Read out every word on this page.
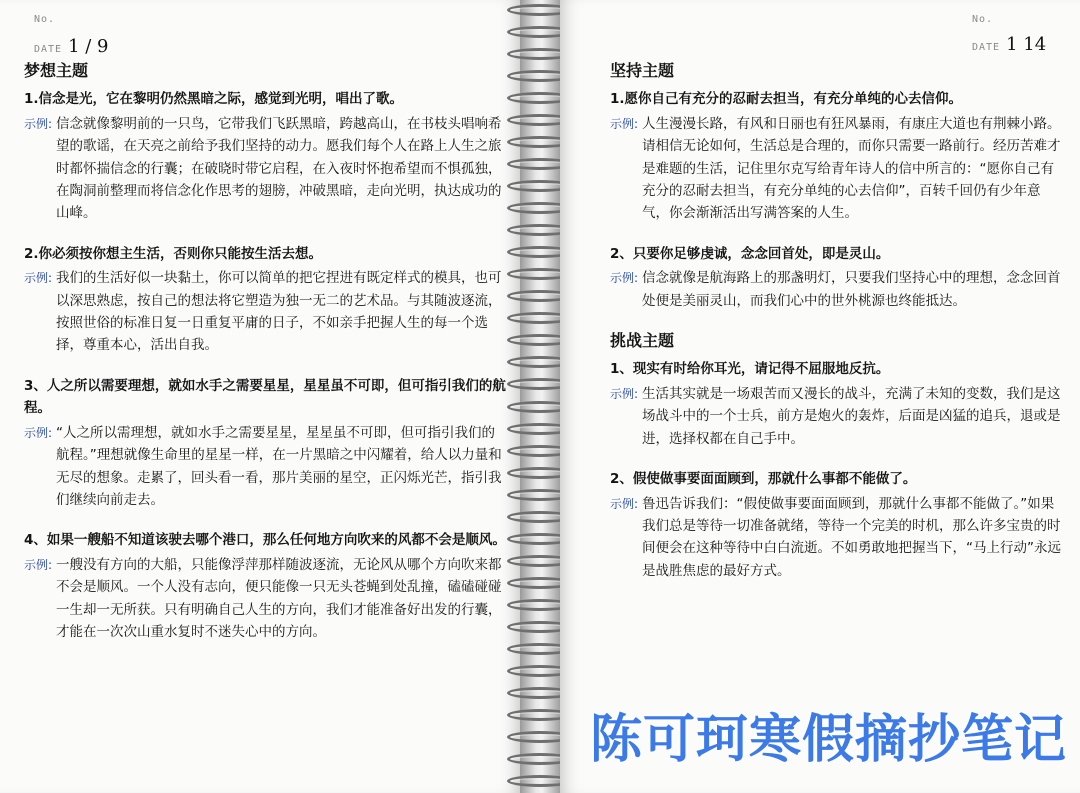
No.
DATE 1 / 9
梦想主题

1.信念是光，它在黎明仍然黑暗之际，感觉到光明，唱出了歌。

示例: 信念就像黎明前的一只鸟，它带我们飞跃黑暗，跨越高山，在书枝头唱响希望的歌谣，在天亮之前给予我们坚持的动力。愿我们每个人在路上人生之旅时都怀揣信念的行囊；在破晓时带它启程，在入夜时怀抱希望而不惧孤独，在陶洞前整理而将信念化作思考的翅膀，冲破黑暗，走向光明，执达成功的山峰。

2.你必须按你想主生活，否则你只能按生活去想。

示例: 我们的生活好似一块黏土，你可以简单的把它捏进有既定样式的模具，也可以深思熟虑，按自己的想法将它塑造为独一无二的艺术品。与其随波逐流，按照世俗的标准日复一日重复平庸的日子，不如亲手把握人生的每一个选择，尊重本心，活出自我。

3、人之所以需要理想，就如水手之需要星星，星星虽不可即，但可指引我们的航程。

示例: “人之所以需理想，就如水手之需要星星，星星虽不可即，但可指引我们的航程。”理想就像生命里的星星一样，在一片黑暗之中闪耀着，给人以力量和无尽的想象。走累了，回头看一看，那片美丽的星空，正闪烁光芒，指引我们继续向前走去。

4、如果一艘船不知道该驶去哪个港口，那么任何地方向吹来的风都不会是顺风。

示例: 一艘没有方向的大船，只能像浮萍那样随波逐流，无论风从哪个方向吹来都不会是顺风。一个人没有志向，便只能像一只无头苍蝇到处乱撞，磕磕碰碰一生却一无所获。只有明确自己人生的方向，我们才能准备好出发的行囊，才能在一次次山重水复时不迷失心中的方向。
No.
DATE 1 14
坚持主题

1.愿你自己有充分的忍耐去担当，有充分单纯的心去信仰。

示例: 人生漫漫长路，有风和日丽也有狂风暴雨，有康庄大道也有荆棘小路。请相信无论如何，生活总是合理的，而你只需要一路前行。经历苦难才是难题的生活，记住里尔克写给青年诗人的信中所言的：“愿你自己有充分的忍耐去担当，有充分单纯的心去信仰”，百转千回仍有少年意气，你会渐渐活出写满答案的人生。

2、只要你足够虔诚，念念回首处，即是灵山。

示例: 信念就像是航海路上的那盏明灯，只要我们坚持心中的理想，念念回首处便是美丽灵山，而我们心中的世外桃源也终能抵达。
挑战主题

1、现实有时给你耳光，请记得不屈服地反抗。

示例: 生活其实就是一场艰苦而又漫长的战斗，充满了未知的变数，我们是这场战斗中的一个士兵，前方是炮火的轰炸，后面是凶猛的追兵，退或是进，选择权都在自己手中。

2、假使做事要面面顾到，那就什么事都不能做了。

示例: 鲁迅告诉我们：“假使做事要面面顾到，那就什么事都不能做了。”如果我们总是等待一切准备就绪，等待一个完美的时机，那么许多宝贵的时间便会在这种等待中白白流逝。不如勇敢地把握当下，“马上行动”永远是战胜焦虑的最好方式。
陈可珂寒假摘抄笔记
